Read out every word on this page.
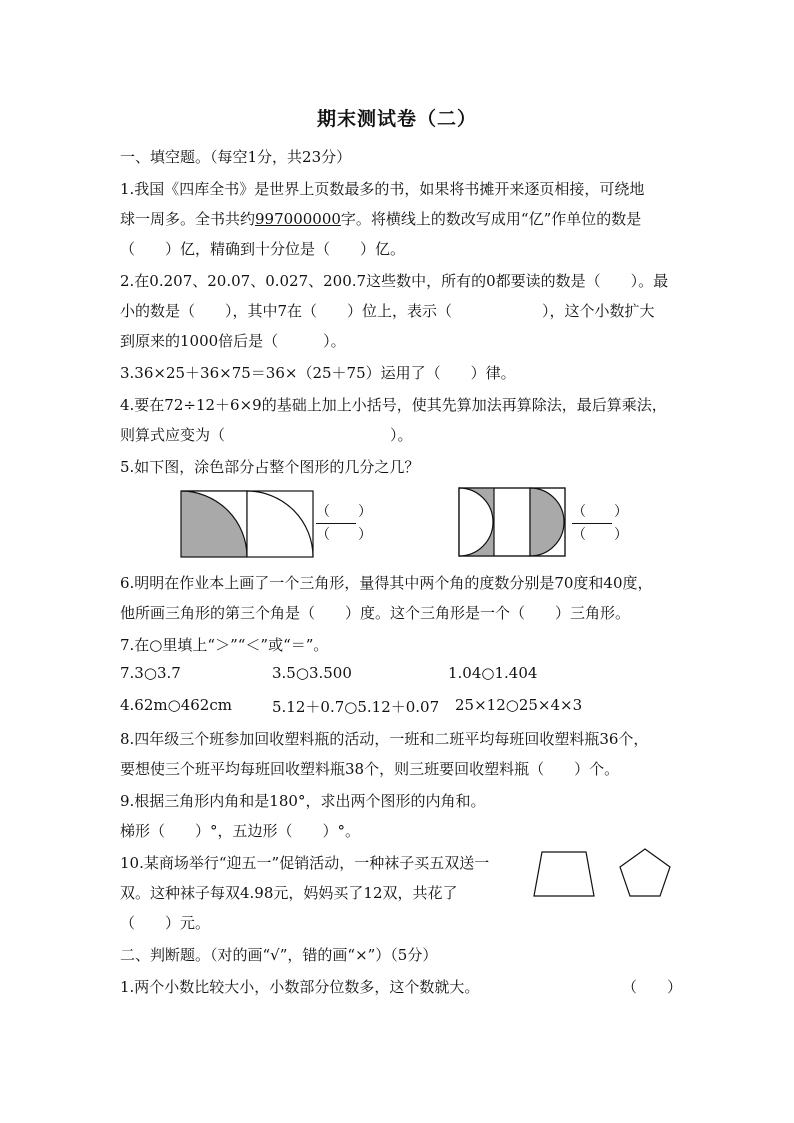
期末测试卷（二）
一、填空题。（每空1分，共23分）
1.我国《四库全书》是世界上页数最多的书，如果将书摊开来逐页相接，可绕地
球一周多。全书共约997000000字。将横线上的数改写成用“亿”作单位的数是
（　　）亿，精确到十分位是（　　）亿。
2.在0.207、20.07、0.027、200.7这些数中，所有的0都要读的数是（　　）。最
小的数是（　　），其中7在（　　）位上，表示（　　　　　　），这个小数扩大
到原来的1000倍后是（　　　）。
3.36×25＋36×75＝36×（25＋75）运用了（　　）律。
4.要在72÷12＋6×9的基础上加上小括号，使其先算加法再算除法，最后算乘法，
则算式应变为（　　　　　　　　　　　）。
5.如下图，涂色部分占整个图形的几分之几？
（　　）
（　　）
（　　）
（　　）
6.明明在作业本上画了一个三角形，量得其中两个角的度数分别是70度和40度，
他所画三角形的第三个角是（　　）度。这个三角形是一个（　　）三角形。
7.在○里填上“＞”“＜”或“＝”。
7.3○3.7	3.5○3.500	1.04○1.404
4.62m○462cm	5.12＋0.7○5.12＋0.07 25×12○25×4×3
8.四年级三个班参加回收塑料瓶的活动，一班和二班平均每班回收塑料瓶36个，
要想使三个班平均每班回收塑料瓶38个，则三班要回收塑料瓶（　　）个。
9.根据三角形内角和是180°，求出两个图形的内角和。
梯形（　　）°，五边形（　　）°。
10.某商场举行“迎五一”促销活动，一种袜子买五双送一
双。这种袜子每双4.98元，妈妈买了12双，共花了
（　　）元。
二、判断题。（对的画“√”，错的画“×”）（5分）
1.两个小数比较大小，小数部分位数多，这个数就大。	（　　）
